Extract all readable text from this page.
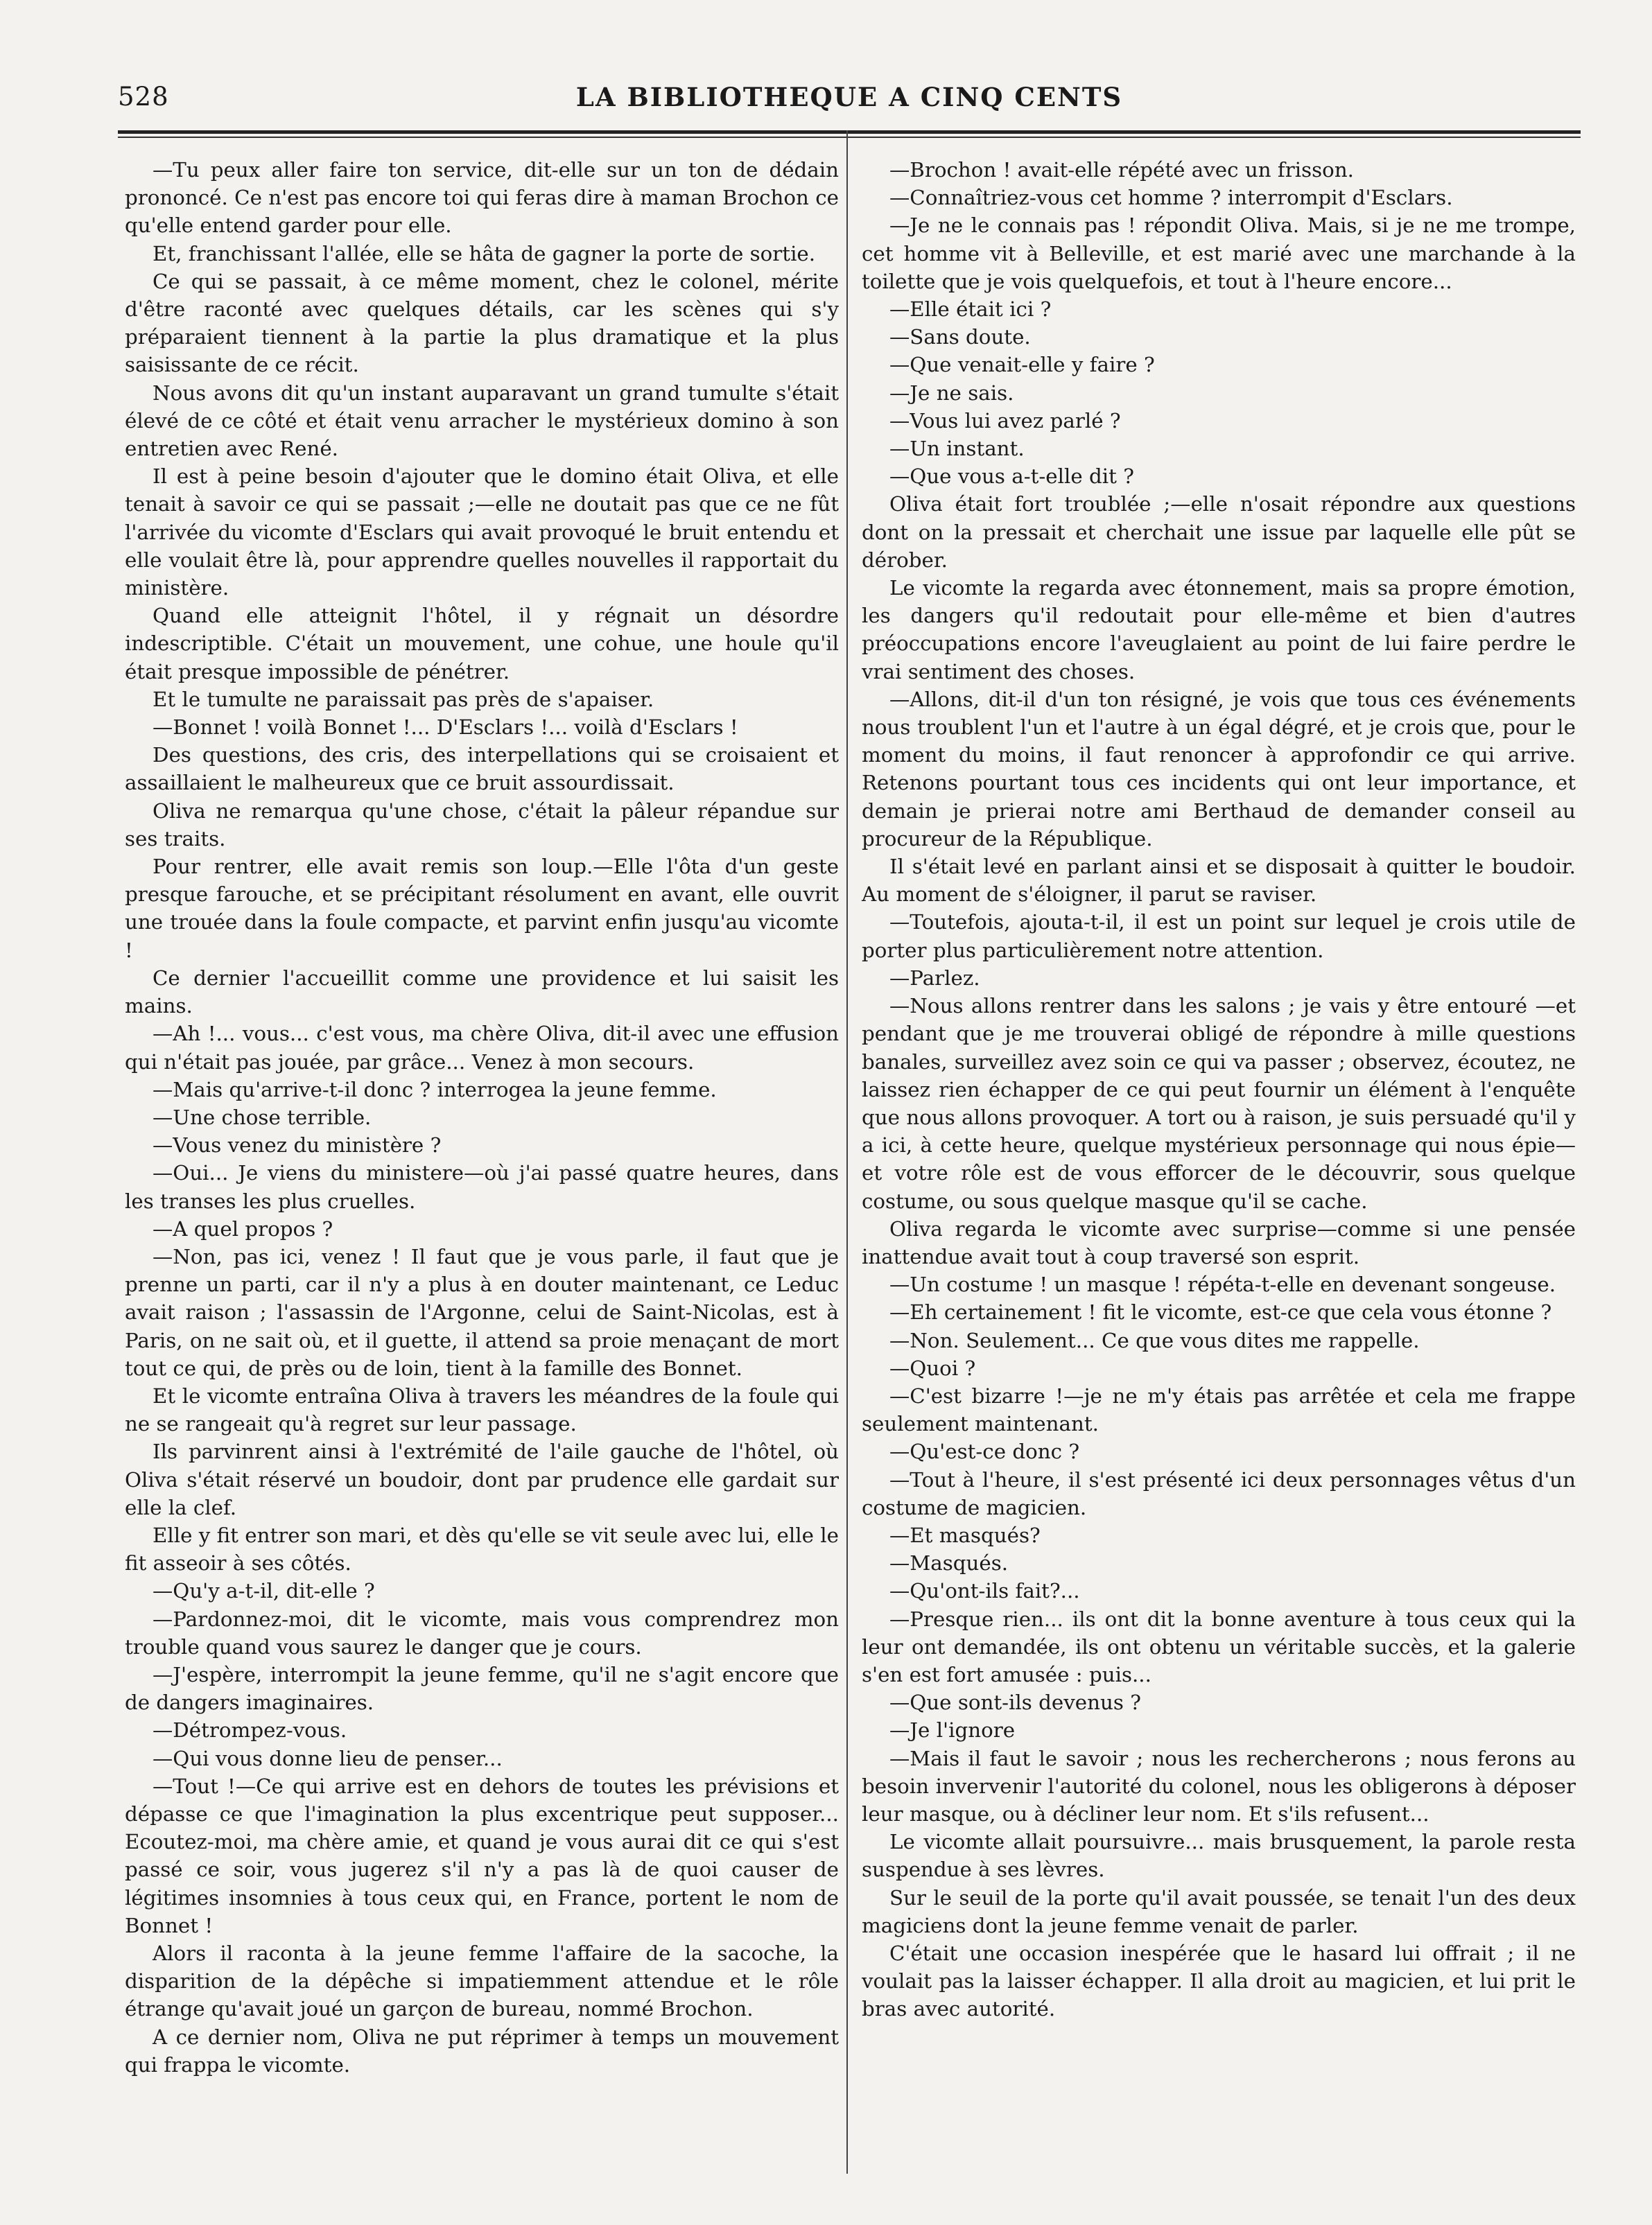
528	LA BIBLIOTHEQUE A CINQ CENTS

—Tu peux aller faire ton service, dit-elle sur un ton de dédain prononcé. Ce n'est pas encore toi qui feras dire à maman Brochon ce qu'elle entend garder pour elle.

Et, franchissant l'allée, elle se hâta de gagner la porte de sortie.

Ce qui se passait, à ce même moment, chez le colonel, mérite d'être raconté avec quelques détails, car les scènes qui s'y préparaient tiennent à la partie la plus dramatique et la plus saisissante de ce récit.

Nous avons dit qu'un instant auparavant un grand tumulte s'était élevé de ce côté et était venu arracher le mystérieux domino à son entretien avec René.

Il est à peine besoin d'ajouter que le domino était Oliva, et elle tenait à savoir ce qui se passait ;—elle ne doutait pas que ce ne fût l'arrivée du vicomte d'Esclars qui avait provoqué le bruit entendu et elle voulait être là, pour apprendre quelles nouvelles il rapportait du ministère.

Quand elle atteignit l'hôtel, il y régnait un désordre indescriptible. C'était un mouvement, une cohue, une houle qu'il était presque impossible de pénétrer.

Et le tumulte ne paraissait pas près de s'apaiser.

—Bonnet ! voilà Bonnet !... D'Esclars !... voilà d'Esclars !

Des questions, des cris, des interpellations qui se croisaient et assaillaient le malheureux que ce bruit assourdissait.

Oliva ne remarqua qu'une chose, c'était la pâleur répandue sur ses traits.

Pour rentrer, elle avait remis son loup.—Elle l'ôta d'un geste presque farouche, et se précipitant résolument en avant, elle ouvrit une trouée dans la foule compacte, et parvint enfin jusqu'au vicomte !

Ce dernier l'accueillit comme une providence et lui saisit les mains.

—Ah !... vous... c'est vous, ma chère Oliva, dit-il avec une effusion qui n'était pas jouée, par grâce... Venez à mon secours.

—Mais qu'arrive-t-il donc ? interrogea la jeune femme.

—Une chose terrible.

—Vous venez du ministère ?

—Oui... Je viens du ministere—où j'ai passé quatre heures, dans les transes les plus cruelles.

—A quel propos ?

—Non, pas ici, venez ! Il faut que je vous parle, il faut que je prenne un parti, car il n'y a plus à en douter maintenant, ce Leduc avait raison ; l'assassin de l'Argonne, celui de Saint-Nicolas, est à Paris, on ne sait où, et il guette, il attend sa proie menaçant de mort tout ce qui, de près ou de loin, tient à la famille des Bonnet.

Et le vicomte entraîna Oliva à travers les méandres de la foule qui ne se rangeait qu'à regret sur leur passage.

Ils parvinrent ainsi à l'extrémité de l'aile gauche de l'hôtel, où Oliva s'était réservé un boudoir, dont par prudence elle gardait sur elle la clef.

Elle y fit entrer son mari, et dès qu'elle se vit seule avec lui, elle le fit asseoir à ses côtés.

—Qu'y a-t-il, dit-elle ?

—Pardonnez-moi, dit le vicomte, mais vous comprendrez mon trouble quand vous saurez le danger que je cours.

—J'espère, interrompit la jeune femme, qu'il ne s'agit encore que de dangers imaginaires.

—Détrompez-vous.

—Qui vous donne lieu de penser...

—Tout !—Ce qui arrive est en dehors de toutes les prévisions et dépasse ce que l'imagination la plus excentrique peut supposer... Ecoutez-moi, ma chère amie, et quand je vous aurai dit ce qui s'est passé ce soir, vous jugerez s'il n'y a pas là de quoi causer de légitimes insomnies à tous ceux qui, en France, portent le nom de Bonnet !

Alors il raconta à la jeune femme l'affaire de la sacoche, la disparition de la dépêche si impatiemment attendue et le rôle étrange qu'avait joué un garçon de bureau, nommé Brochon.

A ce dernier nom, Oliva ne put réprimer à temps un mouvement qui frappa le vicomte.

—Brochon ! avait-elle répété avec un frisson.

—Connaîtriez-vous cet homme ? interrompit d'Esclars.

—Je ne le connais pas ! répondit Oliva. Mais, si je ne me trompe, cet homme vit à Belleville, et est marié avec une marchande à la toilette que je vois quelquefois, et tout à l'heure encore...

—Elle était ici ?

—Sans doute.

—Que venait-elle y faire ?

—Je ne sais.

—Vous lui avez parlé ?

—Un instant.

—Que vous a-t-elle dit ?

Oliva était fort troublée ;—elle n'osait répondre aux questions dont on la pressait et cherchait une issue par laquelle elle pût se dérober.

Le vicomte la regarda avec étonnement, mais sa propre émotion, les dangers qu'il redoutait pour elle-même et bien d'autres préoccupations encore l'aveuglaient au point de lui faire perdre le vrai sentiment des choses.

—Allons, dit-il d'un ton résigné, je vois que tous ces événements nous troublent l'un et l'autre à un égal dégré, et je crois que, pour le moment du moins, il faut renoncer à approfondir ce qui arrive. Retenons pourtant tous ces incidents qui ont leur importance, et demain je prierai notre ami Berthaud de demander conseil au procureur de la République.

Il s'était levé en parlant ainsi et se disposait à quitter le boudoir. Au moment de s'éloigner, il parut se raviser.

—Toutefois, ajouta-t-il, il est un point sur lequel je crois utile de porter plus particulièrement notre attention.

—Parlez.

—Nous allons rentrer dans les salons ; je vais y être entouré —et pendant que je me trouverai obligé de répondre à mille questions banales, surveillez avez soin ce qui va passer ; observez, écoutez, ne laissez rien échapper de ce qui peut fournir un élément à l'enquête que nous allons provoquer. A tort ou à raison, je suis persuadé qu'il y a ici, à cette heure, quelque mystérieux personnage qui nous épie—et votre rôle est de vous efforcer de le découvrir, sous quelque costume, ou sous quelque masque qu'il se cache.

Oliva regarda le vicomte avec surprise—comme si une pensée inattendue avait tout à coup traversé son esprit.

—Un costume ! un masque ! répéta-t-elle en devenant songeuse.

—Eh certainement ! fit le vicomte, est-ce que cela vous étonne ?

—Non. Seulement... Ce que vous dites me rappelle.

—Quoi ?

—C'est bizarre !—je ne m'y étais pas arrêtée et cela me frappe seulement maintenant.

—Qu'est-ce donc ?

—Tout à l'heure, il s'est présenté ici deux personnages vêtus d'un costume de magicien.

—Et masqués?

—Masqués.

—Qu'ont-ils fait?...

—Presque rien... ils ont dit la bonne aventure à tous ceux qui la leur ont demandée, ils ont obtenu un véritable succès, et la galerie s'en est fort amusée : puis...

—Que sont-ils devenus ?

—Je l'ignore

—Mais il faut le savoir ; nous les rechercherons ; nous ferons au besoin invervenir l'autorité du colonel, nous les obligerons à déposer leur masque, ou à décliner leur nom. Et s'ils refusent...

Le vicomte allait poursuivre... mais brusquement, la parole resta suspendue à ses lèvres.

Sur le seuil de la porte qu'il avait poussée, se tenait l'un des deux magiciens dont la jeune femme venait de parler.

C'était une occasion inespérée que le hasard lui offrait ; il ne voulait pas la laisser échapper. Il alla droit au magicien, et lui prit le bras avec autorité.
